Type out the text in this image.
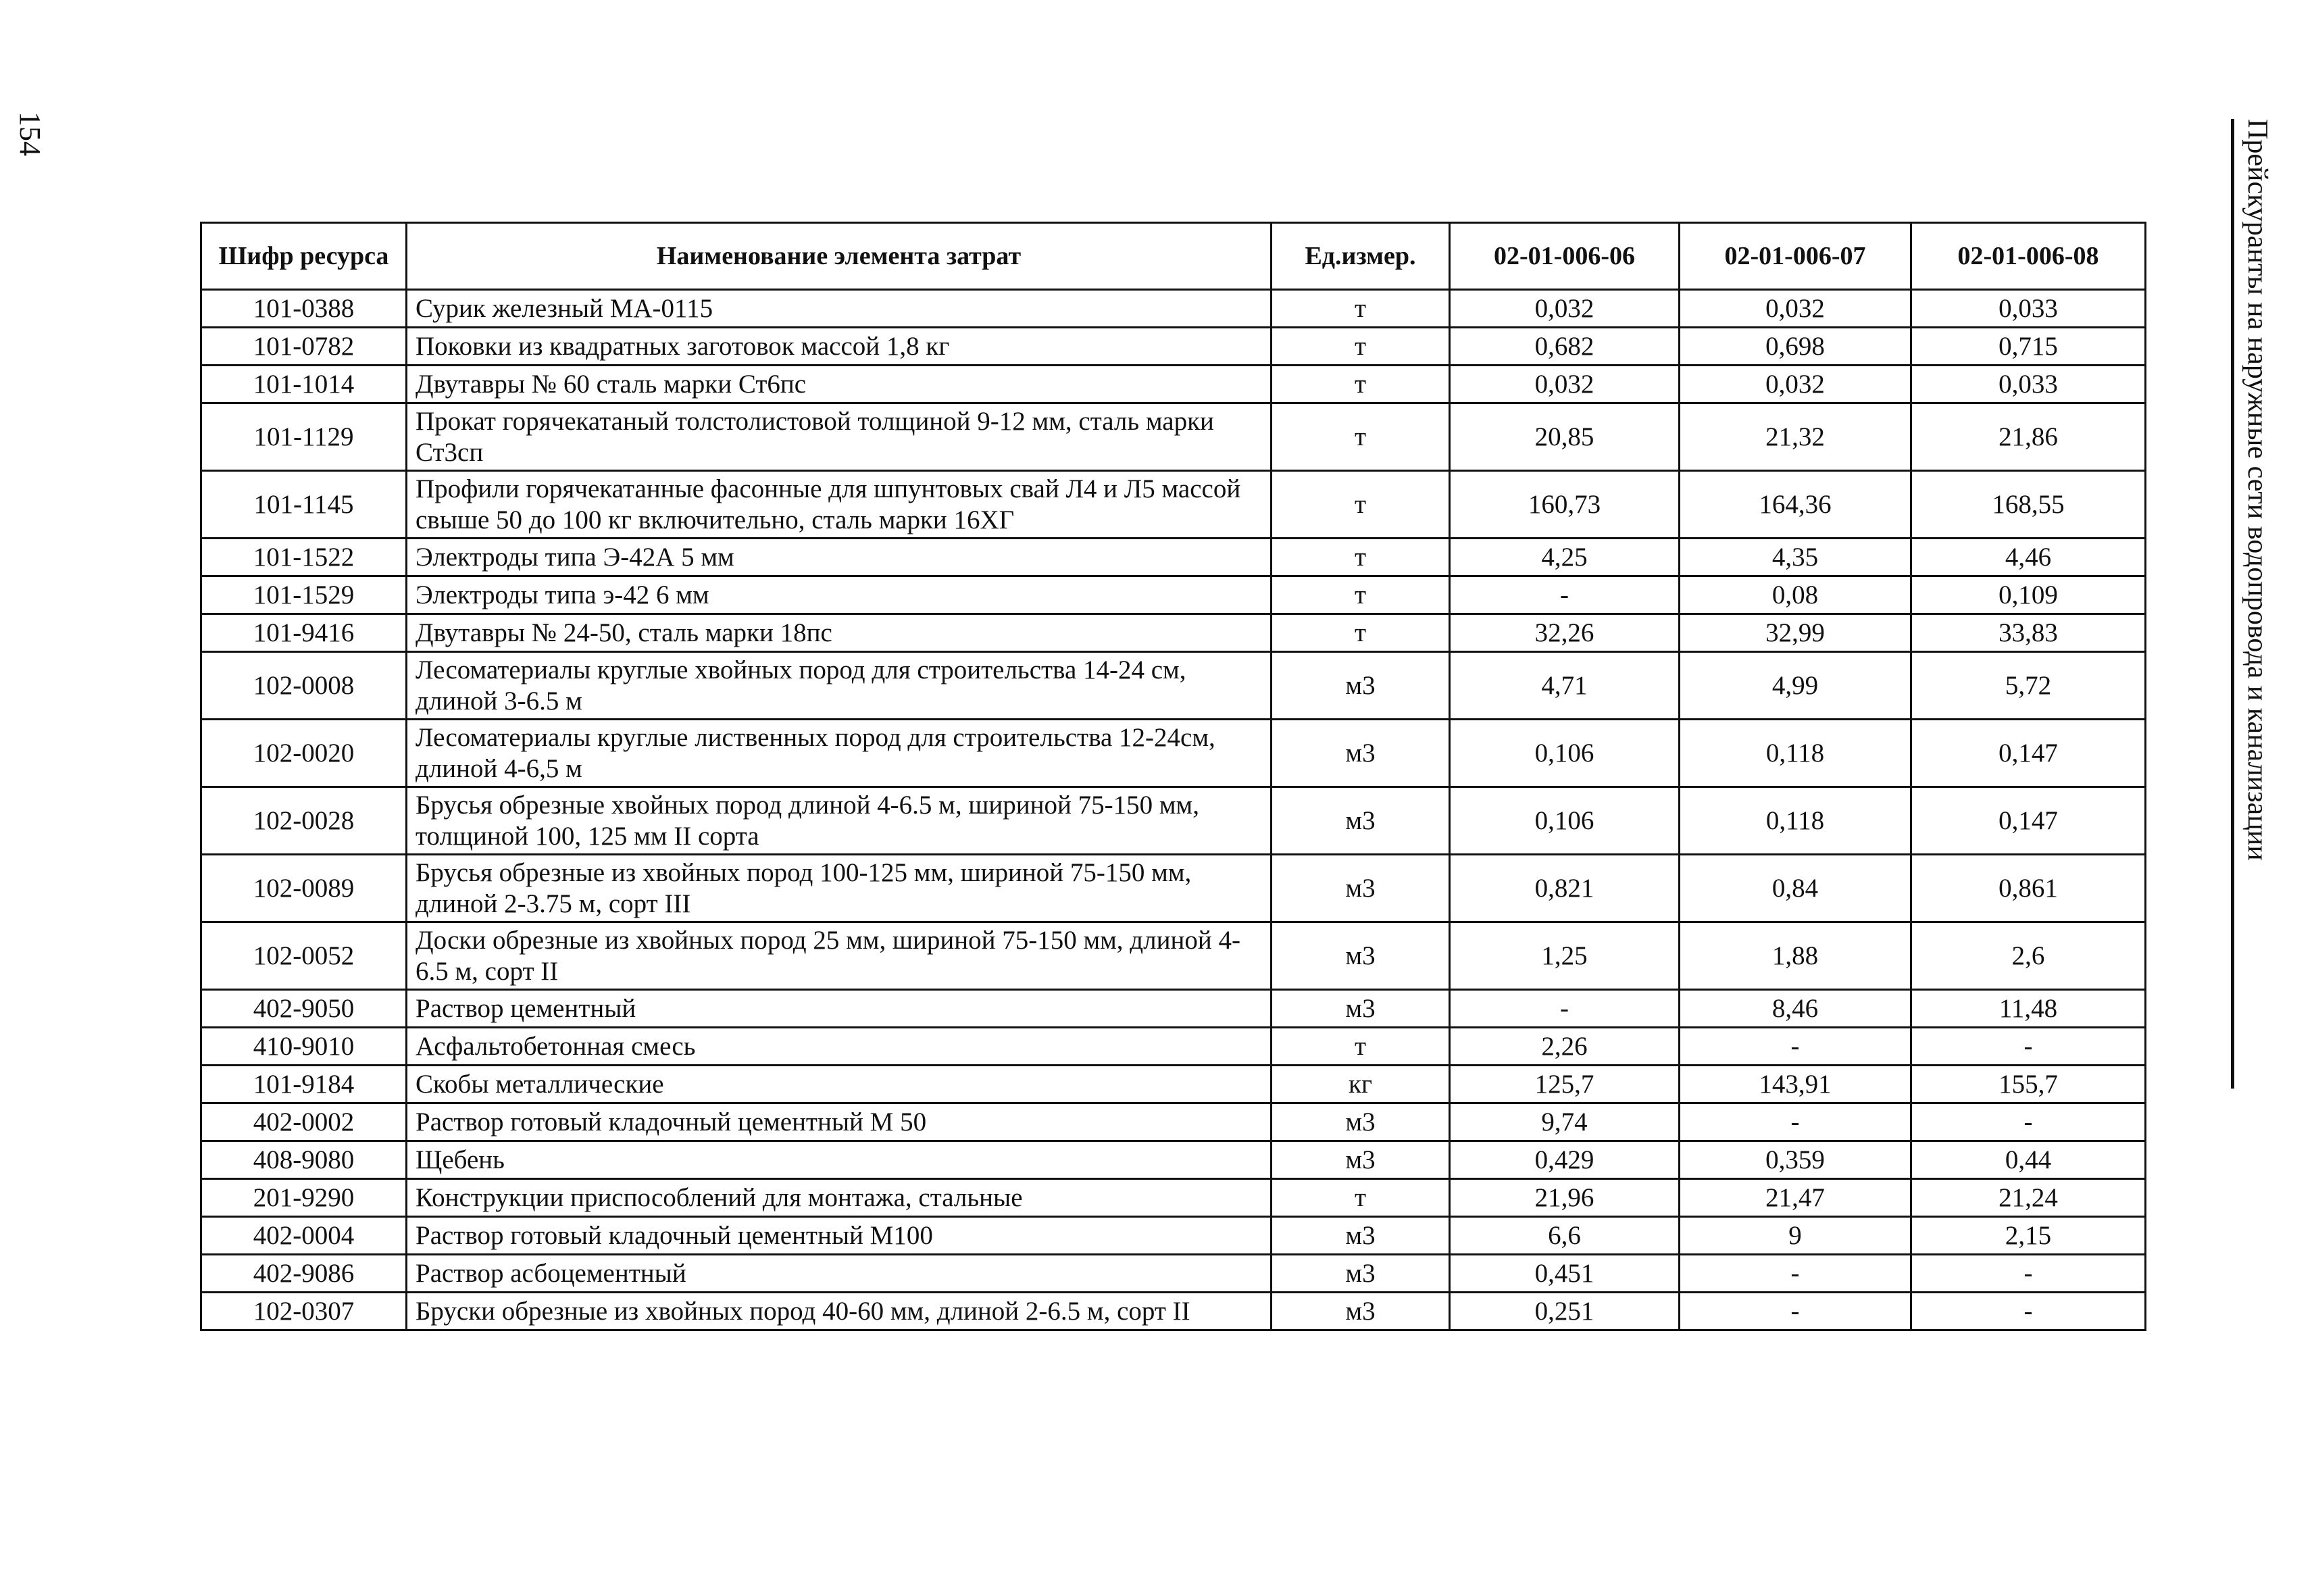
154	Прейскуранты на наружные сети водопровода и канализации
Шифр ресурса	Наименование элемента затрат	Ед.измер.	02-01-006-06	02-01-006-07	02-01-006-08
101-0388	Сурик железный МА-0115	т	0,032	0,032	0,033
101-0782	Поковки из квадратных заготовок массой 1,8 кг	т	0,682	0,698	0,715
101-1014	Двутавры № 60 сталь марки Ст6пс	т	0,032	0,032	0,033
101-1129	Прокат горячекатаный толстолистовой толщиной 9-12 мм, сталь марки Ст3сп	т	20,85	21,32	21,86
101-1145	Профили горячекатанные фасонные для шпунтовых свай Л4 и Л5 массой свыше 50 до 100 кг включительно, сталь марки 16ХГ	т	160,73	164,36	168,55
101-1522	Электроды типа Э-42А 5 мм	т	4,25	4,35	4,46
101-1529	Электроды типа э-42 6 мм	т	-	0,08	0,109
101-9416	Двутавры № 24-50, сталь марки 18пс	т	32,26	32,99	33,83
102-0008	Лесоматериалы круглые хвойных пород для строительства 14-24 см, длиной 3-6.5 м	м3	4,71	4,99	5,72
102-0020	Лесоматериалы круглые лиственных пород для строительства 12-24см, длиной 4-6,5 м	м3	0,106	0,118	0,147
102-0028	Брусья обрезные хвойных пород длиной 4-6.5 м, шириной 75-150 мм, толщиной 100, 125 мм II сорта	м3	0,106	0,118	0,147
102-0089	Брусья обрезные из хвойных пород 100-125 мм, шириной 75-150 мм, длиной 2-3.75 м, сорт III	м3	0,821	0,84	0,861
102-0052	Доски обрезные из хвойных пород 25 мм, шириной 75-150 мм, длиной 4-6.5 м, сорт II	м3	1,25	1,88	2,6
402-9050	Раствор цементный	м3	-	8,46	11,48
410-9010	Асфальтобетонная смесь	т	2,26	-	-
101-9184	Скобы металлические	кг	125,7	143,91	155,7
402-0002	Раствор готовый кладочный цементный М 50	м3	9,74	-	-
408-9080	Щебень	м3	0,429	0,359	0,44
201-9290	Конструкции приспособлений для монтажа, стальные	т	21,96	21,47	21,24
402-0004	Раствор готовый кладочный цементный М100	м3	6,6	9	2,15
402-9086	Раствор асбоцементный	м3	0,451	-	-
102-0307	Бруски обрезные из хвойных пород 40-60 мм, длиной 2-6.5 м, сорт II	м3	0,251	-	-
